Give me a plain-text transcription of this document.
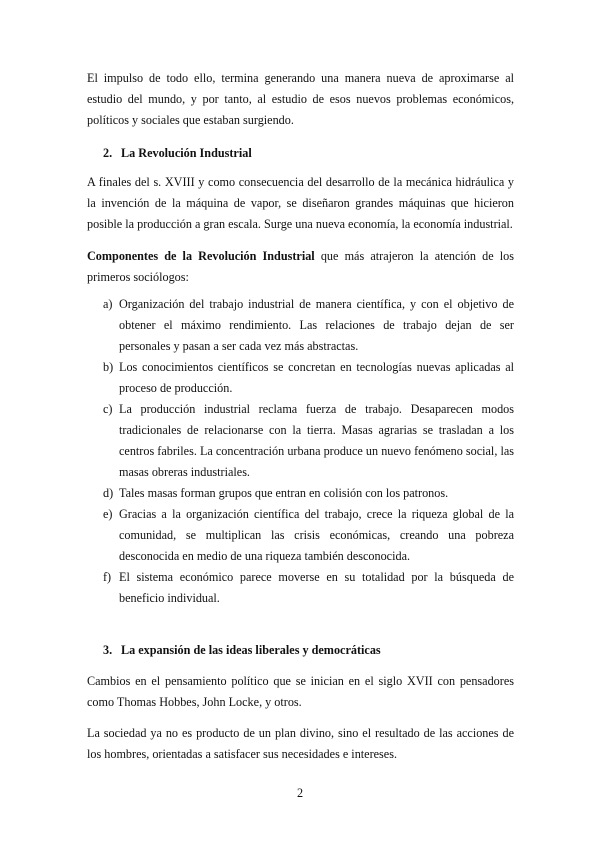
El impulso de todo ello, termina generando una manera nueva de aproximarse al estudio del mundo, y por tanto, al estudio de esos nuevos problemas económicos, políticos y sociales que estaban surgiendo.

2. La Revolución Industrial

A finales del s. XVIII y como consecuencia del desarrollo de la mecánica hidráulica y la invención de la máquina de vapor, se diseñaron grandes máquinas que hicieron posible la producción a gran escala. Surge una nueva economía, la economía industrial.

Componentes de la Revolución Industrial que más atrajeron la atención de los primeros sociólogos:

a) Organización del trabajo industrial de manera científica, y con el objetivo de obtener el máximo rendimiento. Las relaciones de trabajo dejan de ser personales y pasan a ser cada vez más abstractas.
b) Los conocimientos científicos se concretan en tecnologías nuevas aplicadas al proceso de producción.
c) La producción industrial reclama fuerza de trabajo. Desaparecen modos tradicionales de relacionarse con la tierra. Masas agrarias se trasladan a los centros fabriles. La concentración urbana produce un nuevo fenómeno social, las masas obreras industriales.
d) Tales masas forman grupos que entran en colisión con los patronos.
e) Gracias a la organización científica del trabajo, crece la riqueza global de la comunidad, se multiplican las crisis económicas, creando una pobreza desconocida en medio de una riqueza también desconocida.
f) El sistema económico parece moverse en su totalidad por la búsqueda de beneficio individual.

3. La expansión de las ideas liberales y democráticas

Cambios en el pensamiento político que se inician en el siglo XVII con pensadores como Thomas Hobbes, John Locke, y otros.

La sociedad ya no es producto de un plan divino, sino el resultado de las acciones de los hombres, orientadas a satisfacer sus necesidades e intereses.

2
